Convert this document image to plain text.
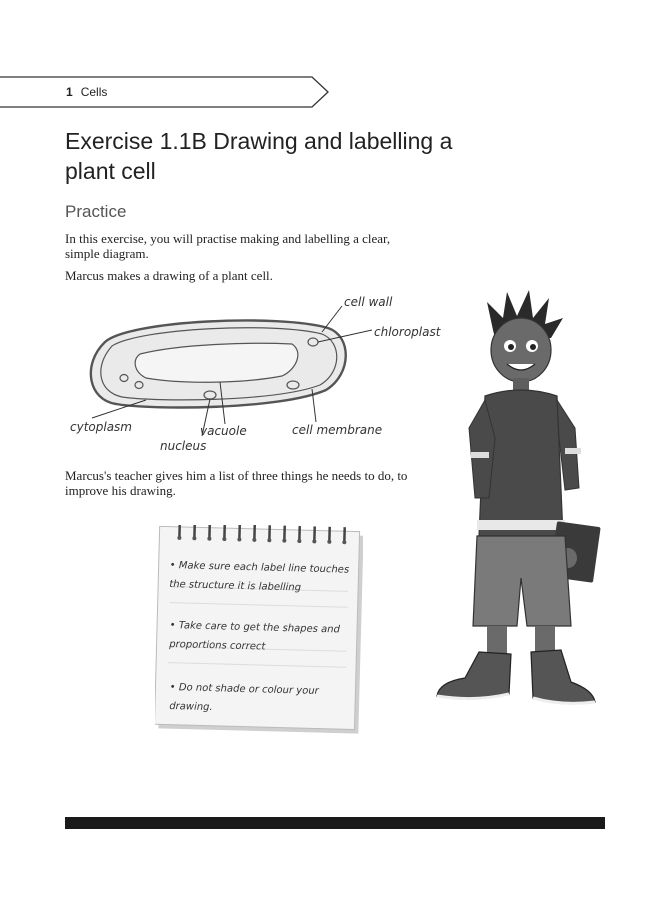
1 Cells
Exercise 1.1B Drawing and labelling a plant cell
Practice

In this exercise, you will practise making and labelling a clear, simple diagram.

Marcus makes a drawing of a plant cell.

cell wall
chloroplast
cytoplasm	vacuole
nucleus
cell membrane

Marcus's teacher gives him a list of three things he needs to do, to improve his drawing.

• Make sure each label line touches the structure it is labelling
• Take care to get the shapes and proportions correct
• Do not shade or colour your drawing.
